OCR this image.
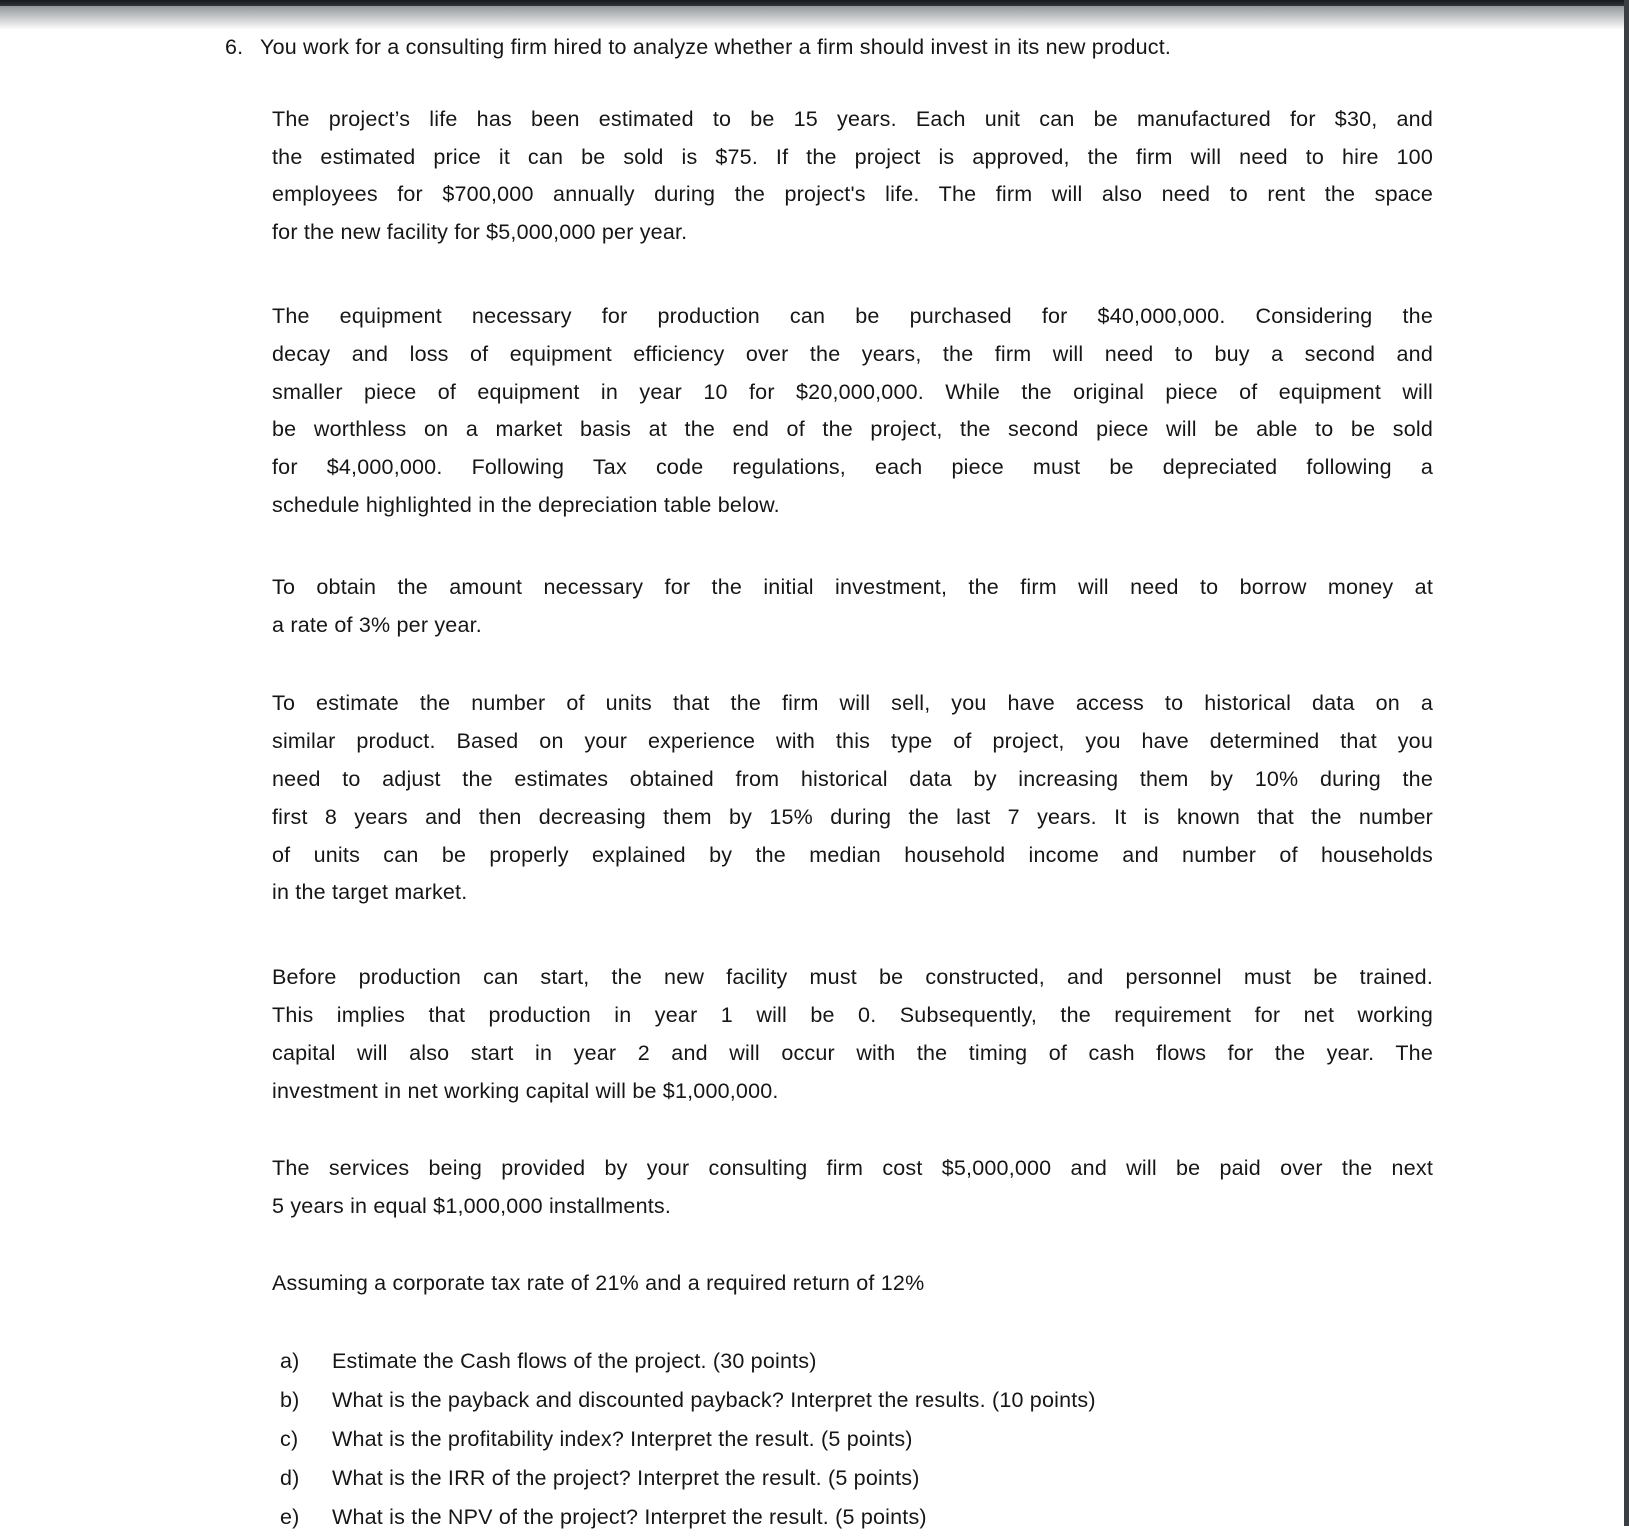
6. You work for a consulting firm hired to analyze whether a firm should invest in its new product.
The project’s life has been estimated to be 15 years. Each unit can be manufactured for $30, and
the estimated price it can be sold is $75. If the project is approved, the firm will need to hire 100
employees for $700,000 annually during the project's life. The firm will also need to rent the space
for the new facility for $5,000,000 per year.
The equipment necessary for production can be purchased for $40,000,000. Considering the
decay and loss of equipment efficiency over the years, the firm will need to buy a second and
smaller piece of equipment in year 10 for $20,000,000. While the original piece of equipment will
be worthless on a market basis at the end of the project, the second piece will be able to be sold
for $4,000,000. Following Tax code regulations, each piece must be depreciated following a
schedule highlighted in the depreciation table below.
To obtain the amount necessary for the initial investment, the firm will need to borrow money at
a rate of 3% per year.
To estimate the number of units that the firm will sell, you have access to historical data on a
similar product. Based on your experience with this type of project, you have determined that you
need to adjust the estimates obtained from historical data by increasing them by 10% during the
first 8 years and then decreasing them by 15% during the last 7 years. It is known that the number
of units can be properly explained by the median household income and number of households
in the target market.
Before production can start, the new facility must be constructed, and personnel must be trained.
This implies that production in year 1 will be 0. Subsequently, the requirement for net working
capital will also start in year 2 and will occur with the timing of cash flows for the year. The
investment in net working capital will be $1,000,000.
The services being provided by your consulting firm cost $5,000,000 and will be paid over the next
5 years in equal $1,000,000 installments.
Assuming a corporate tax rate of 21% and a required return of 12%
a)	Estimate the Cash flows of the project. (30 points)
b)	What is the payback and discounted payback? Interpret the results. (10 points)
c)	What is the profitability index? Interpret the result. (5 points)
d)	What is the IRR of the project? Interpret the result. (5 points)
e)	What is the NPV of the project? Interpret the result. (5 points)
